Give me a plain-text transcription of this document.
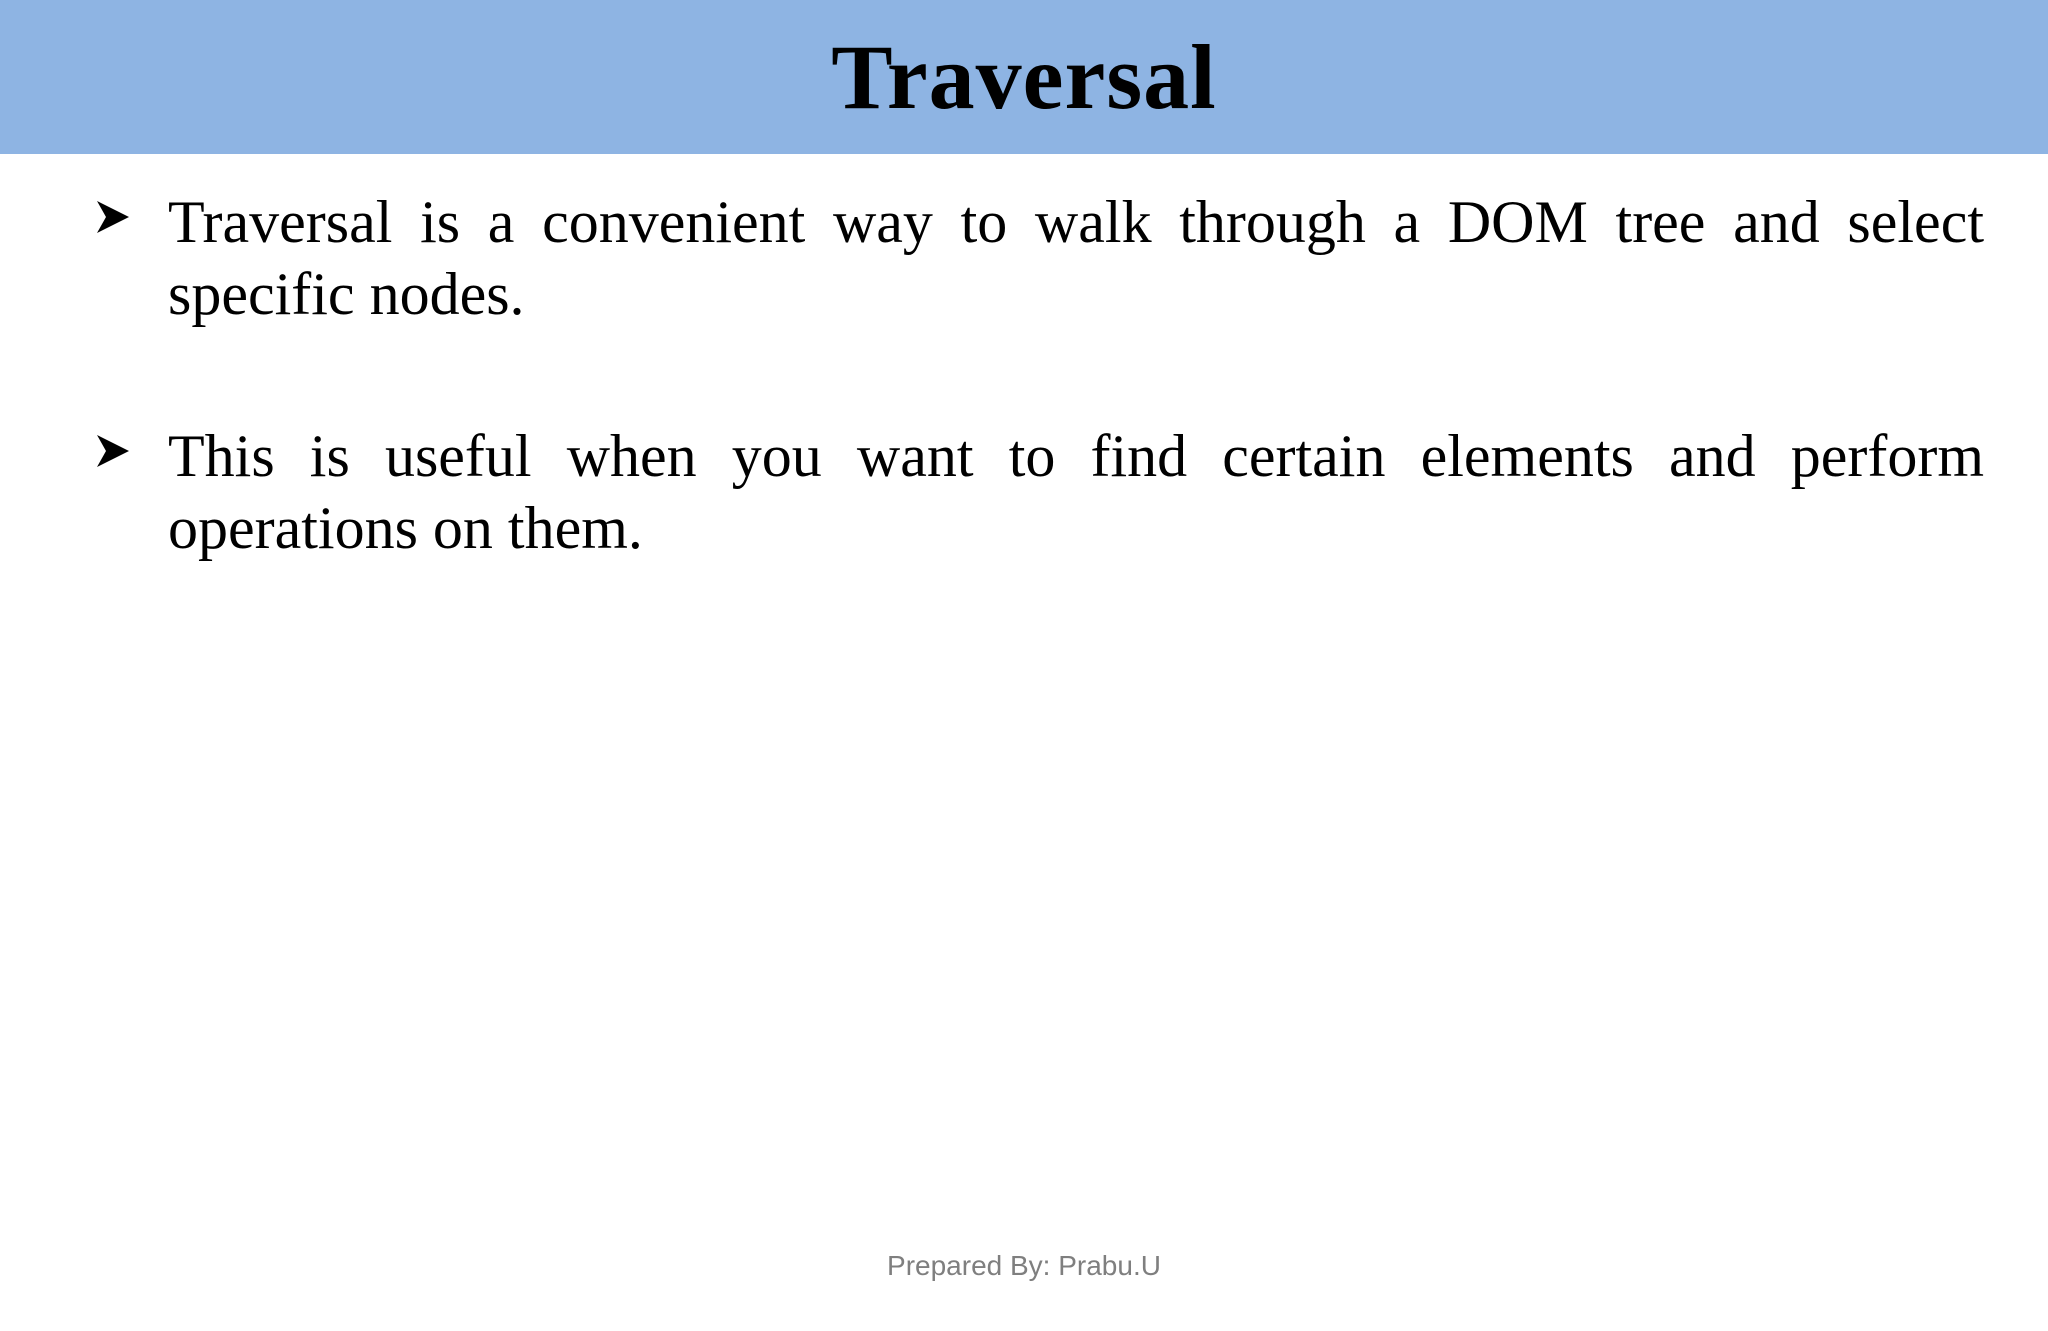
Traversal
Traversal is a convenient way to walk through a DOM tree and select specific nodes.
This is useful when you want to find certain elements and perform operations on them.
Prepared By: Prabu.U
